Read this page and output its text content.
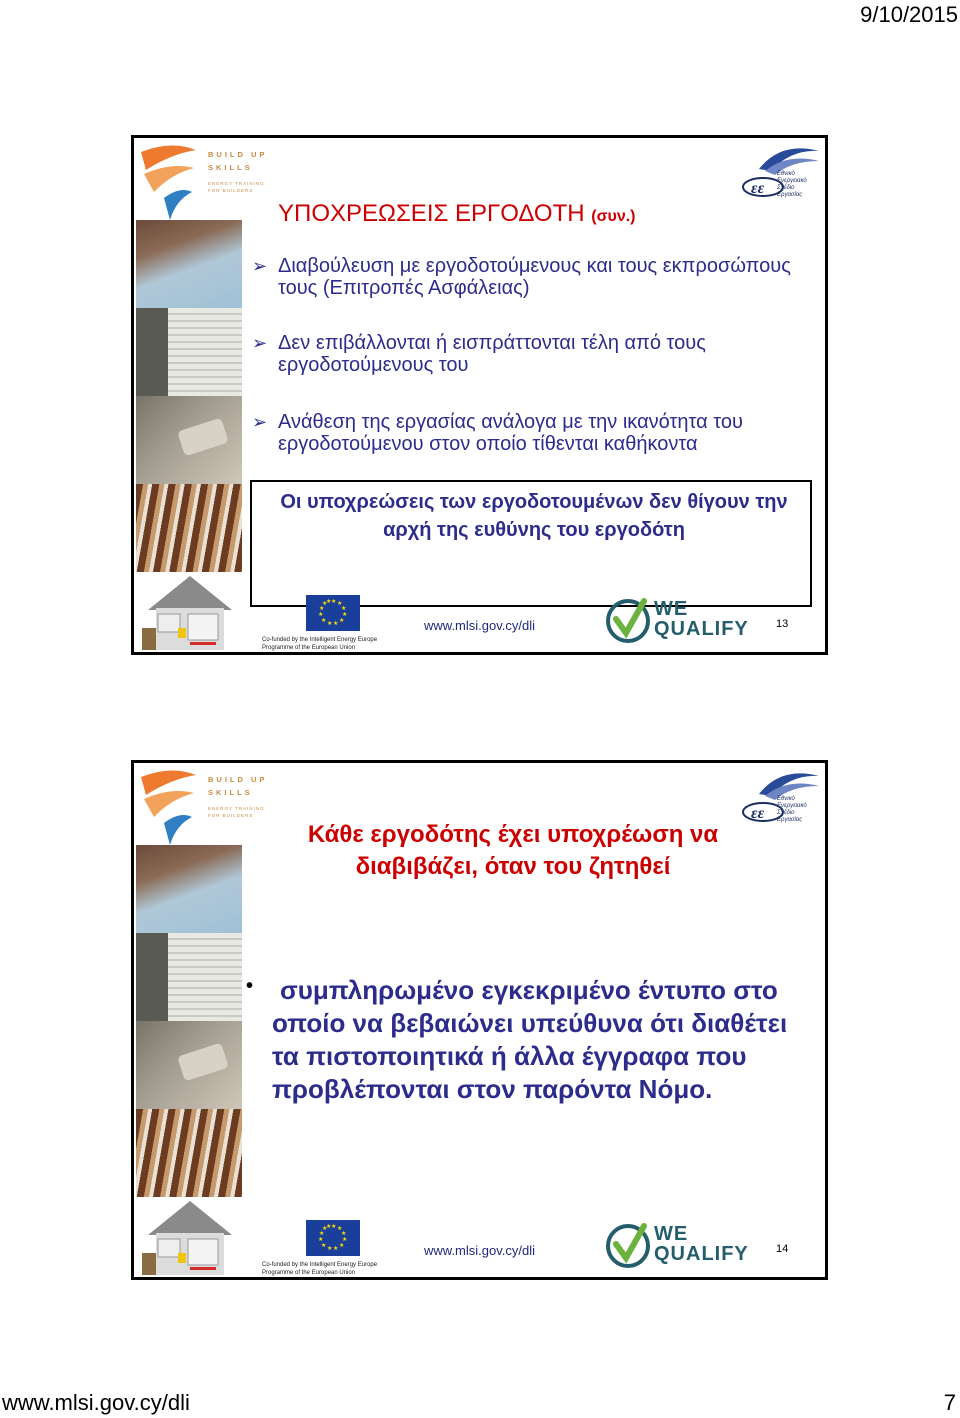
9/10/2015
BUILD UP
SKILLS
ENERGY TRAINING
FOR BUILDERS	εε
Εθνικό Ενεργειακό Σχέδιο Εργασίας
ΥΠΟΧΡΕΩΣΕΙΣ ΕΡΓΟΔΟΤΗ (συν.)
➢ Διαβούλευση με εργοδοτούμενους και τους εκπροσώπους τους (Επιτροπές Ασφάλειας)
➢ Δεν επιβάλλονται ή εισπράττονται τέλη από τους εργοδοτούμενους του
➢ Ανάθεση της εργασίας ανάλογα με την ικανότητα του εργοδοτούμενου στον οποίο τίθενται καθήκοντα
Οι υποχρεώσεις των εργοδοτουμένων δεν θίγουν την αρχή της ευθύνης του εργοδότη
★ ★
★
★
★
★
★
★
★
★
★
★
Co-funded by the Intelligent Energy Europe
Programme of the European Union
www.mlsi.gov.cy/dli
WE
QUALIFY 13
BUILD UP
SKILLS
ENERGY TRAINING
FOR BUILDERS	εε
Εθνικό Ενεργειακό Σχέδιο Εργασίας
Κάθε εργοδότης έχει υποχρέωση να διαβιβάζει, όταν του ζητηθεί
•	συμπληρωμένο εγκεκριμένο έντυπο στο οποίο να βεβαιώνει υπεύθυνα ότι διαθέτει τα πιστοποιητικά ή άλλα έγγραφα που προβλέπονται στον παρόντα Νόμο.
★ ★
★
★
★
★
★
★
★
★
★
★
Co-funded by the Intelligent Energy Europe
Programme of the European Union
www.mlsi.gov.cy/dli
WE
QUALIFY 14
www.mlsi.gov.cy/dli	7
